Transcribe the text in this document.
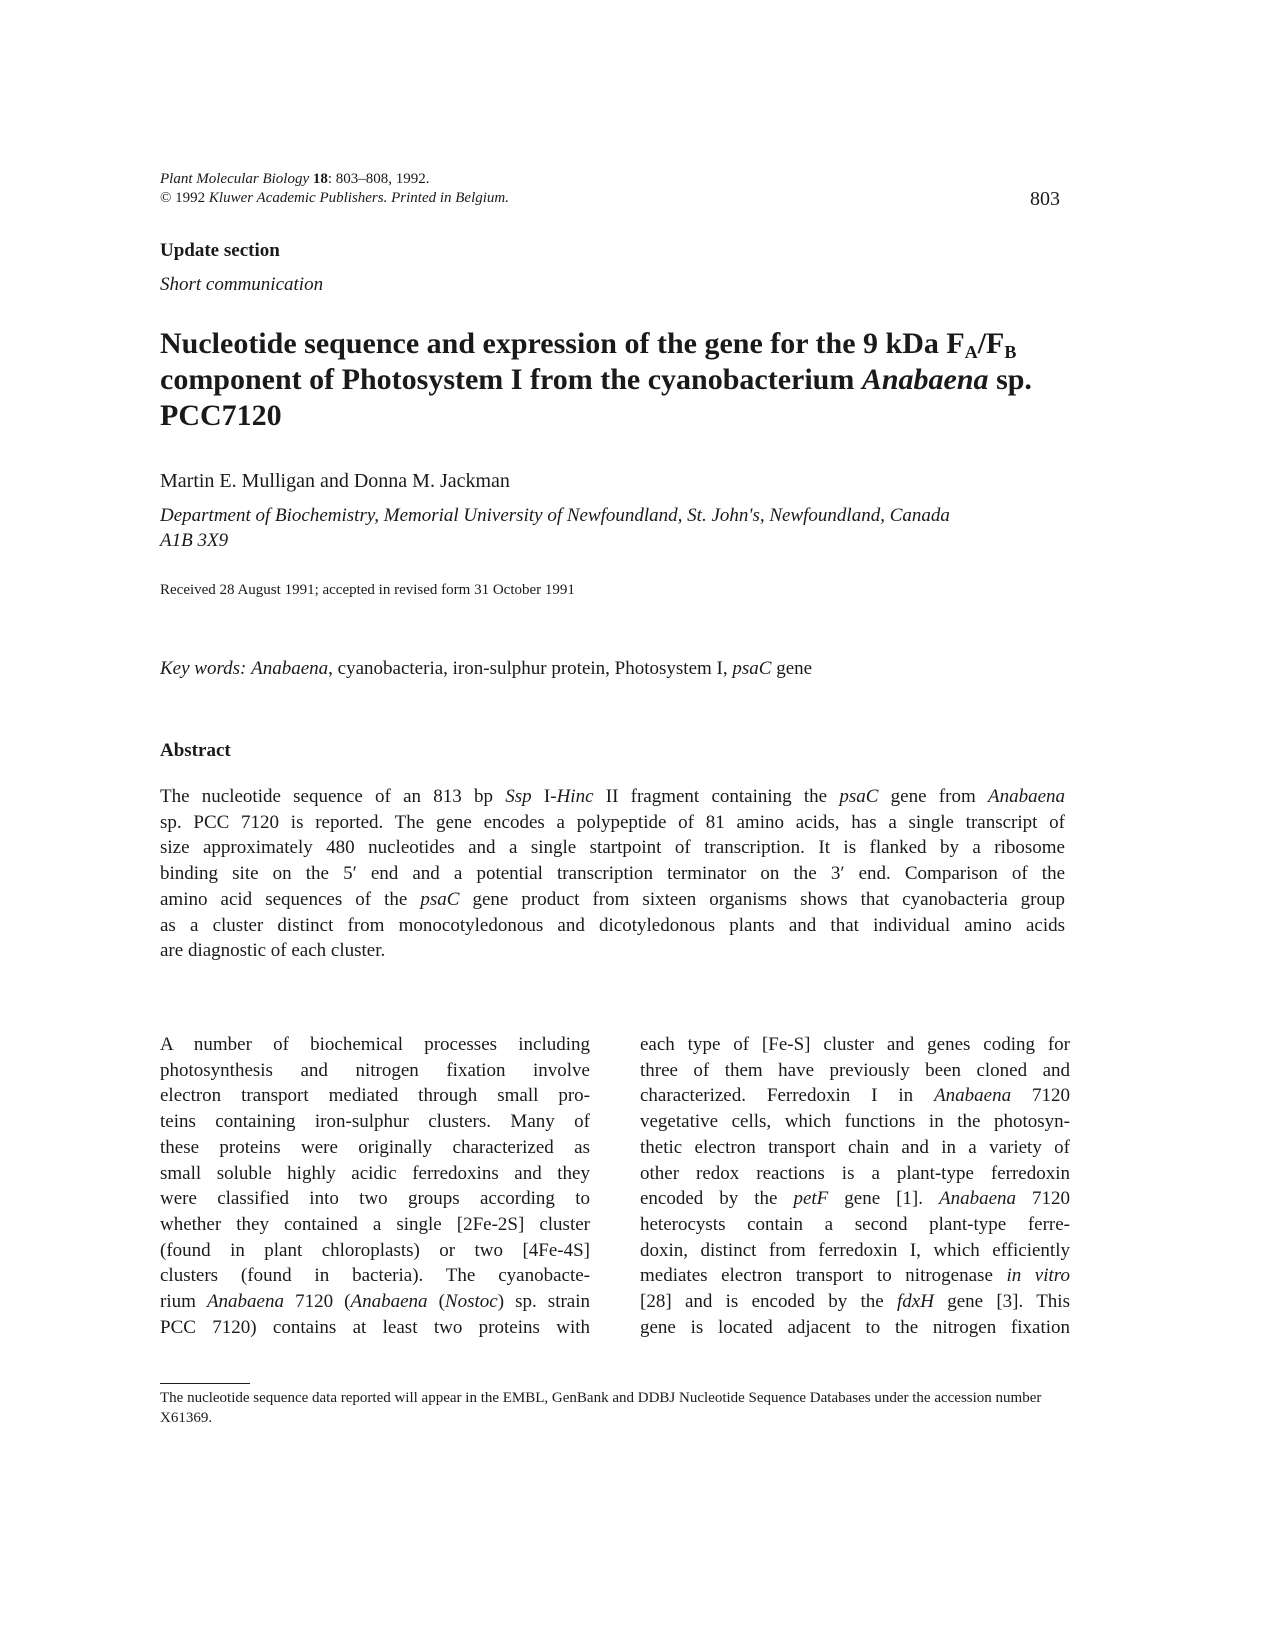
Plant Molecular Biology 18: 803–808, 1992.
© 1992 Kluwer Academic Publishers. Printed in Belgium.	803
Update section
Short communication
Nucleotide sequence and expression of the gene for the 9 kDa $F_A/F_B$
component of Photosystem I from the cyanobacterium Anabaena sp.
PCC7120
Martin E. Mulligan and Donna M. Jackman
Department of Biochemistry, Memorial University of Newfoundland, St. John's, Newfoundland, Canada
A1B 3X9
Received 28 August 1991; accepted in revised form 31 October 1991
Key words: Anabaena, cyanobacteria, iron-sulphur protein, Photosystem I, psaC gene
Abstract
The nucleotide sequence of an 813 bp Ssp I-Hinc II fragment containing the psaC gene from Anabaena
sp. PCC 7120 is reported. The gene encodes a polypeptide of 81 amino acids, has a single transcript of
size approximately 480 nucleotides and a single startpoint of transcription. It is flanked by a ribosome
binding site on the 5′ end and a potential transcription terminator on the 3′ end. Comparison of the
amino acid sequences of the psaC gene product from sixteen organisms shows that cyanobacteria group
as a cluster distinct from monocotyledonous and dicotyledonous plants and that individual amino acids
are diagnostic of each cluster.
A number of biochemical processes including
photosynthesis and nitrogen fixation involve
electron transport mediated through small pro-
teins containing iron-sulphur clusters. Many of
these proteins were originally characterized as
small soluble highly acidic ferredoxins and they
were classified into two groups according to
whether they contained a single [2Fe-2S] cluster
(found in plant chloroplasts) or two [4Fe-4S]
clusters (found in bacteria). The cyanobacte-
rium Anabaena 7120 (Anabaena (Nostoc) sp. strain
PCC 7120) contains at least two proteins with
each type of [Fe-S] cluster and genes coding for
three of them have previously been cloned and
characterized. Ferredoxin I in Anabaena 7120
vegetative cells, which functions in the photosyn-
thetic electron transport chain and in a variety of
other redox reactions is a plant-type ferredoxin
encoded by the petF gene [1]. Anabaena 7120
heterocysts contain a second plant-type ferre-
doxin, distinct from ferredoxin I, which efficiently
mediates electron transport to nitrogenase in vitro
[28] and is encoded by the fdxH gene [3]. This
gene is located adjacent to the nitrogen fixation
The nucleotide sequence data reported will appear in the EMBL, GenBank and DDBJ Nucleotide Sequence Databases under the accession number X61369.
